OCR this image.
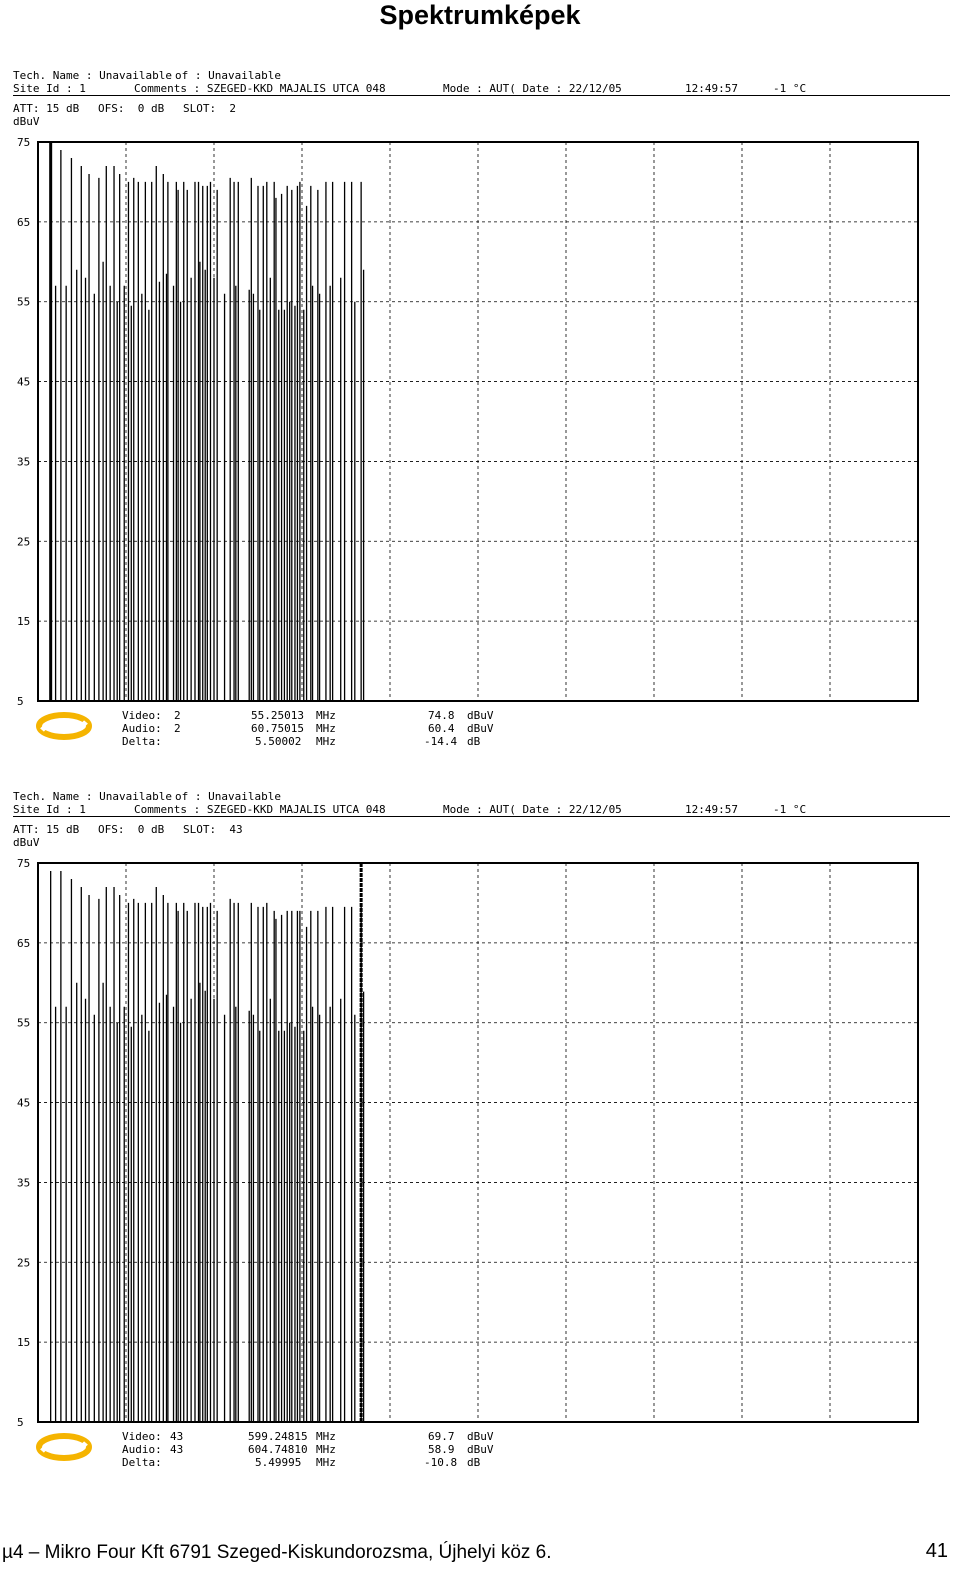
Spektrumképek
Tech. Name : Unavailable of : Unavailable
Site Id : 1	Comments : SZEGED-KKD MAJALIS UTCA 048	Mode : AUT( Date : 22/12/05	12:49:57	-1 °C
ATT: 15 dB OFS:  0 dB SLOT:  2
dBuV
75
65
55
45
35
25
15
5
Video: 2	55.25013 MHz	74.8 dBuV
Audio: 2	60.75015 MHz	60.4 dBuV
Delta:	5.50002 MHz	-14.4 dB
Tech. Name : Unavailable of : Unavailable
Site Id : 1	Comments : SZEGED-KKD MAJALIS UTCA 048	Mode : AUT( Date : 22/12/05	12:49:57	-1 °C
ATT: 15 dB OFS:  0 dB SLOT:  43
dBuV
75
65
55
45
35
25
15
5
Video: 43	599.24815 MHz	69.7 dBuV
Audio: 43	604.74810 MHz	58.9 dBuV
Delta:	5.49995 MHz	-10.8 dB
µ4 – Mikro Four Kft 6791 Szeged-Kiskundorozsma, Újhelyi köz 6.	41
